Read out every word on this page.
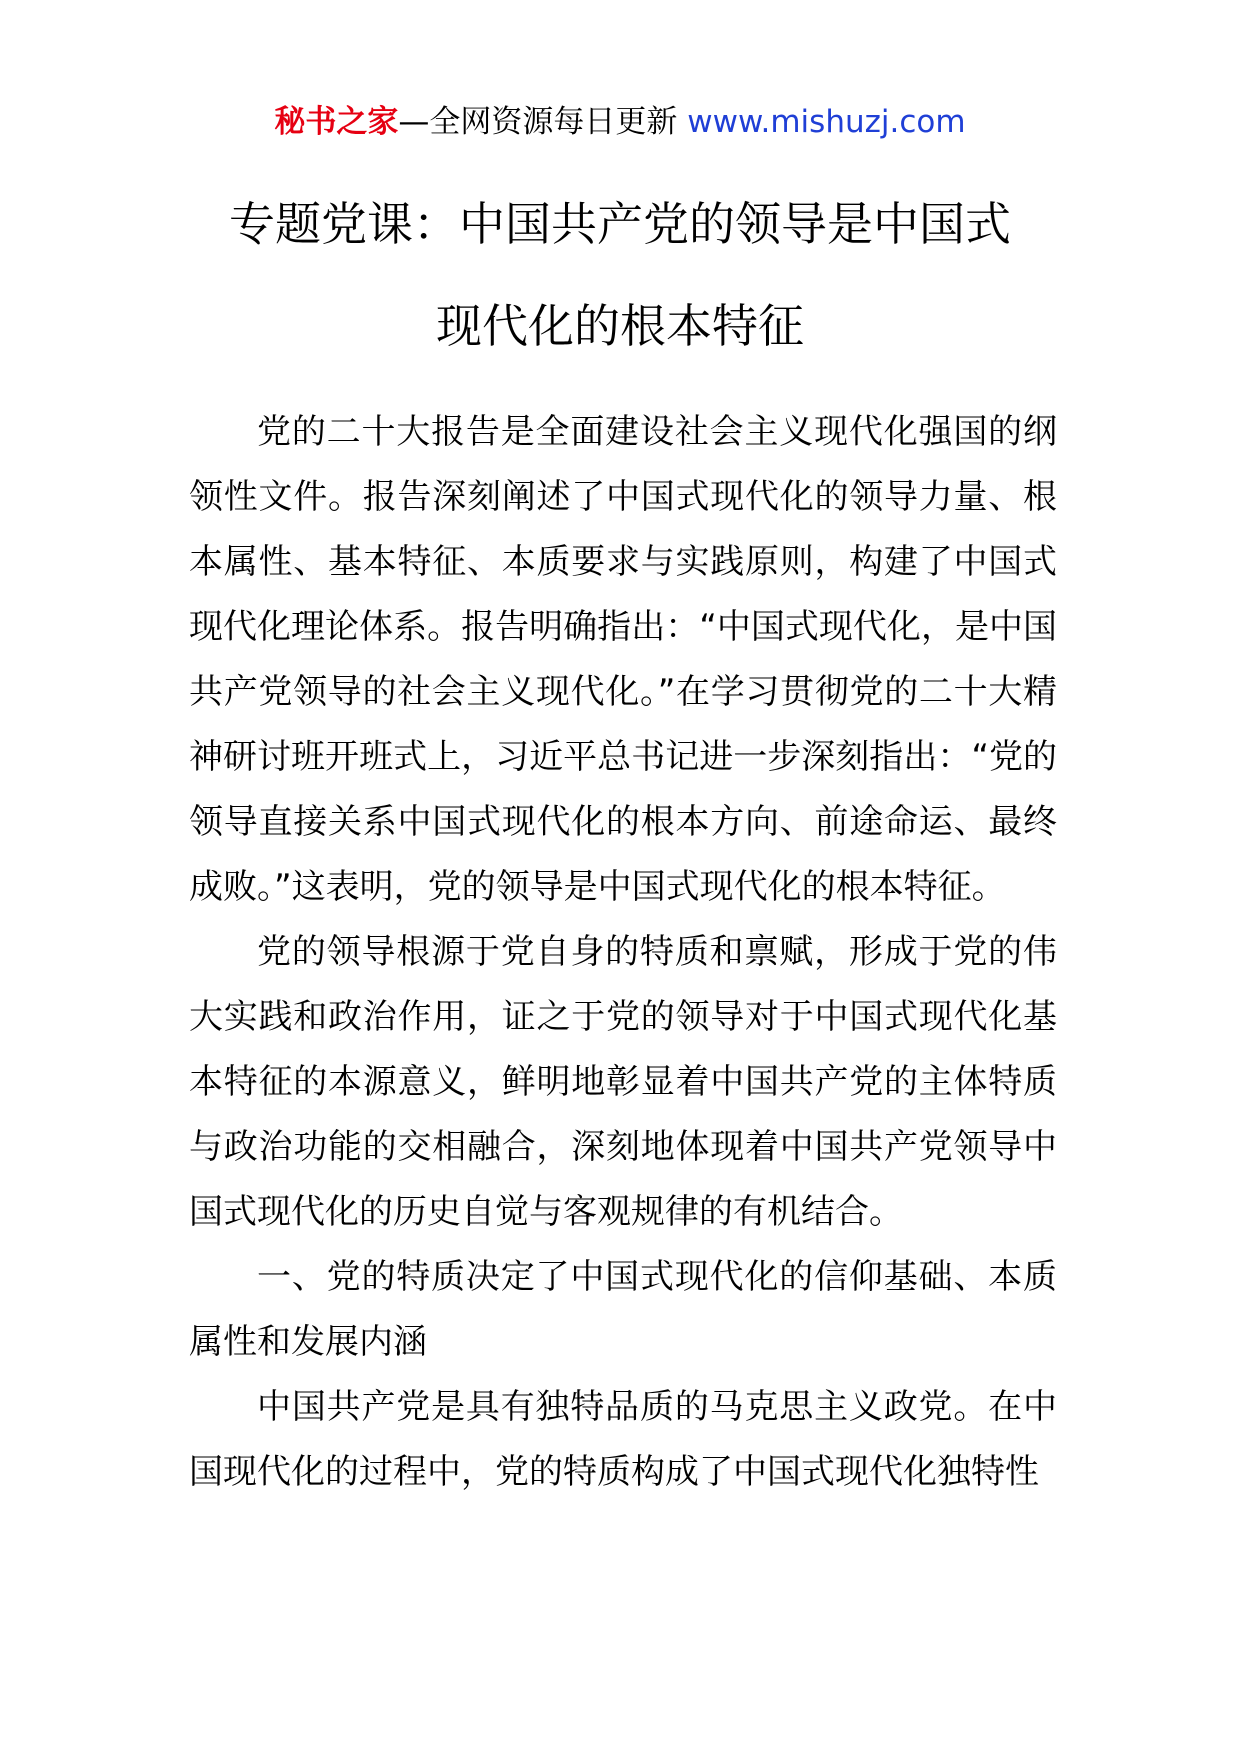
秘书之家—全网资源每日更新 www.mishuzj.com
专题党课：中国共产党的领导是中国式
现代化的根本特征

党的二十大报告是全面建设社会主义现代化强国的纲领性文件。报告深刻阐述了中国式现代化的领导力量、根本属性、基本特征、本质要求与实践原则，构建了中国式现代化理论体系。报告明确指出：“中国式现代化，是中国共产党领导的社会主义现代化。”在学习贯彻党的二十大精神研讨班开班式上，习近平总书记进一步深刻指出：“党的领导直接关系中国式现代化的根本方向、前途命运、最终成败。”这表明，党的领导是中国式现代化的根本特征。

党的领导根源于党自身的特质和禀赋，形成于党的伟大实践和政治作用，证之于党的领导对于中国式现代化基本特征的本源意义，鲜明地彰显着中国共产党的主体特质与政治功能的交相融合，深刻地体现着中国共产党领导中国式现代化的历史自觉与客观规律的有机结合。

一、党的特质决定了中国式现代化的信仰基础、本质属性和发展内涵

中国共产党是具有独特品质的马克思主义政党。在中国现代化的过程中，党的特质构成了中国式现代化独特性
